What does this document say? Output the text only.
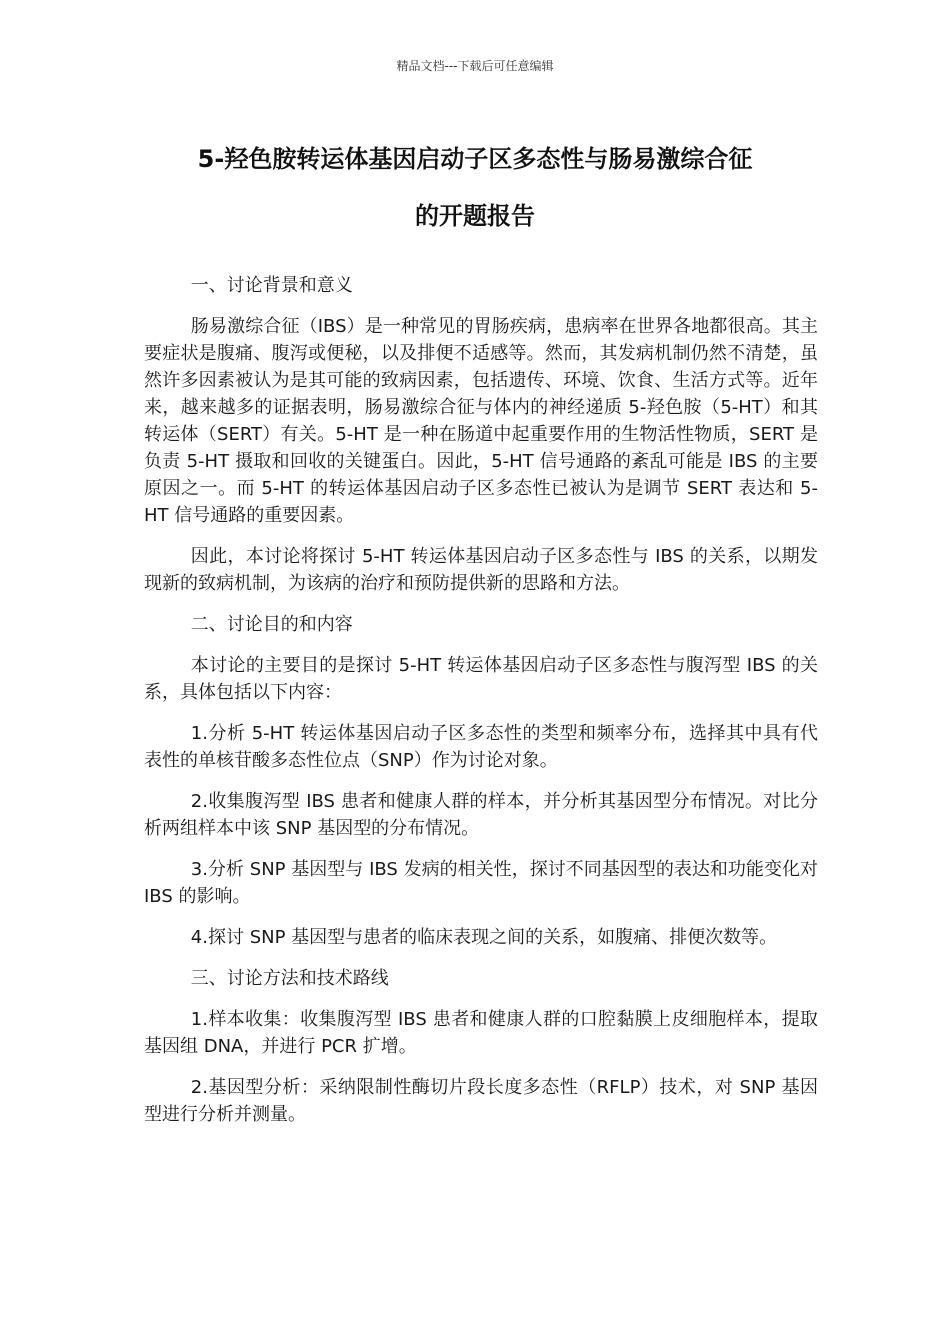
精品文档---下载后可任意编辑
5-羟色胺转运体基因启动子区多态性与肠易激综合征
的开题报告

一、讨论背景和意义

肠易激综合征（IBS）是一种常见的胃肠疾病，患病率在世界各地都很高。其主要症状是腹痛、腹泻或便秘，以及排便不适感等。然而，其发病机制仍然不清楚，虽然许多因素被认为是其可能的致病因素，包括遗传、环境、饮食、生活方式等。近年来，越来越多的证据表明，肠易激综合征与体内的神经递质 5-羟色胺（5-HT）和其转运体（SERT）有关。5-HT 是一种在肠道中起重要作用的生物活性物质，SERT 是负责 5-HT 摄取和回收的关键蛋白。因此，5-HT 信号通路的紊乱可能是 IBS 的主要原因之一。而 5-HT 的转运体基因启动子区多态性已被认为是调节 SERT 表达和 5-HT 信号通路的重要因素。

因此，本讨论将探讨 5-HT 转运体基因启动子区多态性与 IBS 的关系，以期发现新的致病机制，为该病的治疗和预防提供新的思路和方法。

二、讨论目的和内容

本讨论的主要目的是探讨 5-HT 转运体基因启动子区多态性与腹泻型 IBS 的关系，具体包括以下内容：

1.分析 5-HT 转运体基因启动子区多态性的类型和频率分布，选择其中具有代表性的单核苷酸多态性位点（SNP）作为讨论对象。

2.收集腹泻型 IBS 患者和健康人群的样本，并分析其基因型分布情况。对比分析两组样本中该 SNP 基因型的分布情况。

3.分析 SNP 基因型与 IBS 发病的相关性，探讨不同基因型的表达和功能变化对 IBS 的影响。

4.探讨 SNP 基因型与患者的临床表现之间的关系，如腹痛、排便次数等。

三、讨论方法和技术路线

1.样本收集：收集腹泻型 IBS 患者和健康人群的口腔黏膜上皮细胞样本，提取基因组 DNA，并进行 PCR 扩增。

2.基因型分析：采纳限制性酶切片段长度多态性（RFLP）技术，对 SNP 基因型进行分析并测量。
